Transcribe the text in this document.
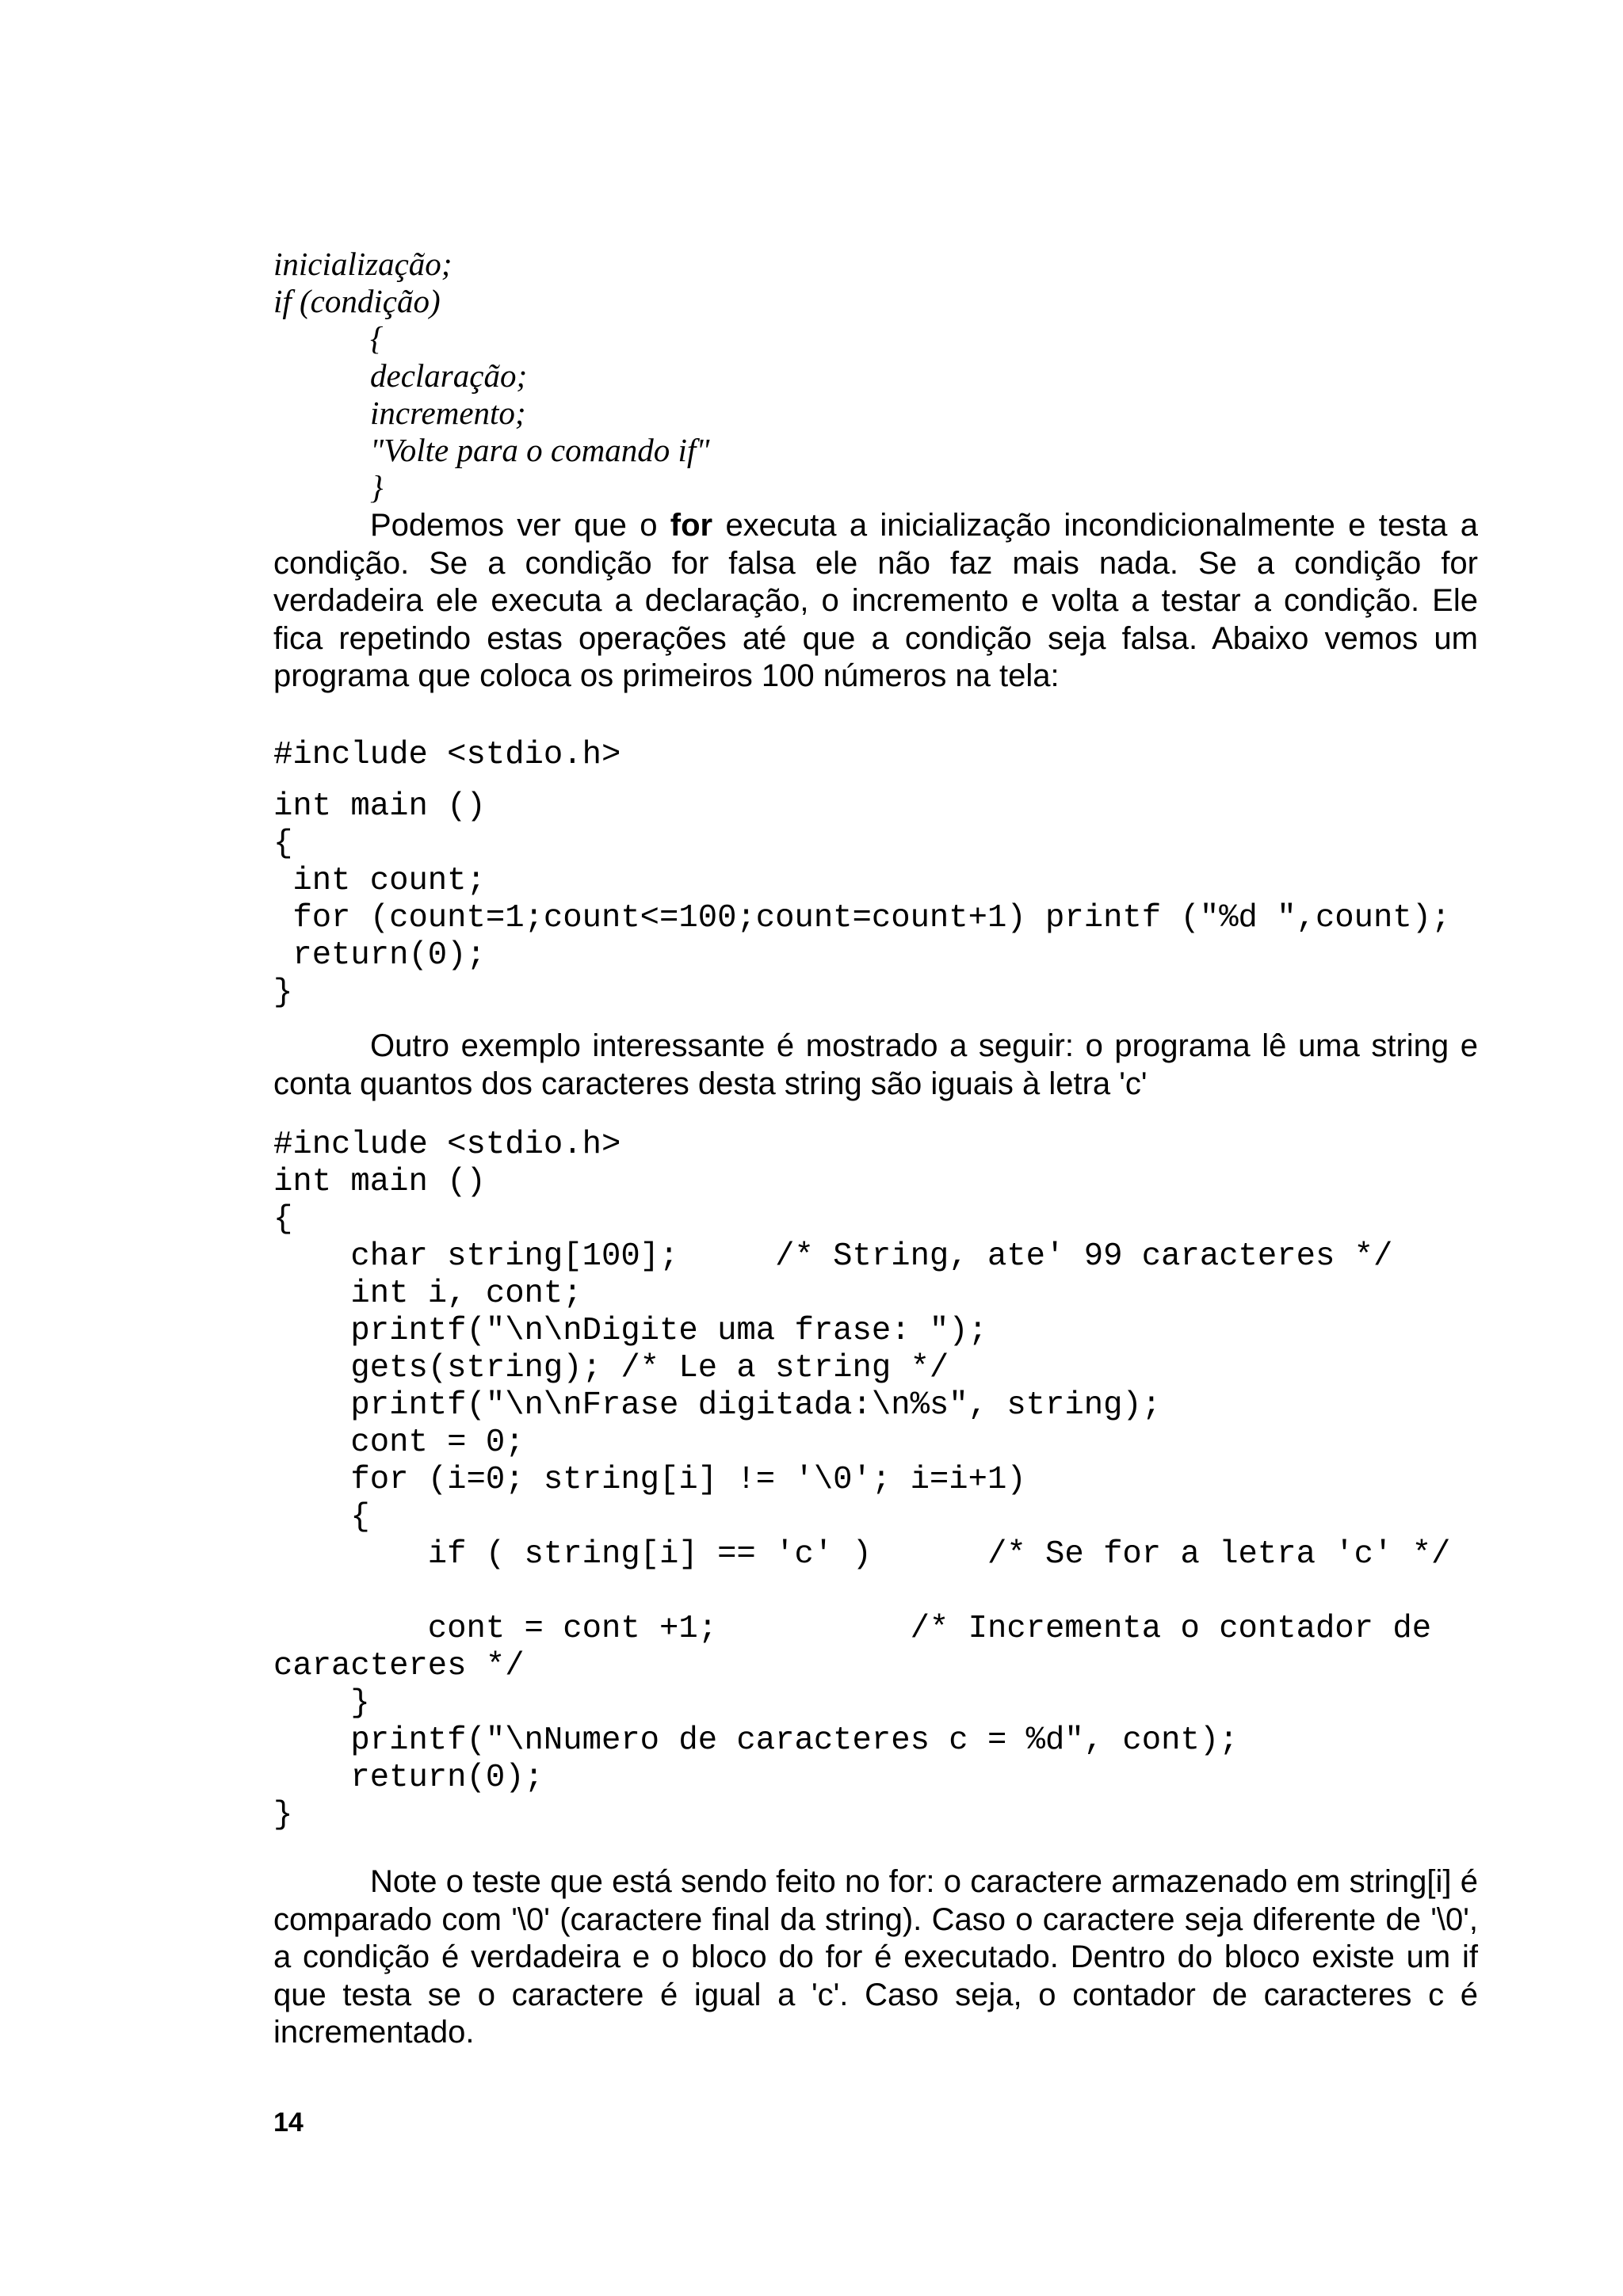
inicialização;
if (condição)
{
declaração;
incremento;
"Volte para o comando if"
}

Podemos ver que o for executa a inicialização incondicionalmente e testa a condição. Se a condição for falsa ele não faz mais nada. Se a condição for verdadeira ele executa a declaração, o incremento e volta a testar a condição. Ele fica repetindo estas operações até que a condição seja falsa. Abaixo vemos um programa que coloca os primeiros 100 números na tela:

#include <stdio.h>
int main ()
{
int count;
for (count=1;count<=100;count=count+1) printf ("%d ",count);
return(0);
}

Outro exemplo interessante é mostrado a seguir: o programa lê uma string e conta quantos dos caracteres desta string são iguais à letra 'c'

#include <stdio.h>
int main ()
{
char string[100];     /* String, ate' 99 caracteres */
int i, cont;
printf("\n\nDigite uma frase: ");
gets(string); /* Le a string */
printf("\n\nFrase digitada:\n%s", string);
cont = 0;
for (i=0; string[i] != '\0'; i=i+1)
{
if ( string[i] == 'c' )      /* Se for a letra 'c' */
cont = cont +1;          /* Incrementa o contador de
caracteres */
}
printf("\nNumero de caracteres c = %d", cont);
return(0);
}

Note o teste que está sendo feito no for: o caractere armazenado em string[i] é comparado com '\0' (caractere final da string). Caso o caractere seja diferente de '\0', a condição é verdadeira e o bloco do for é executado. Dentro do bloco existe um if que testa se o caractere é igual a 'c'. Caso seja, o contador de caracteres c é incrementado.

14
